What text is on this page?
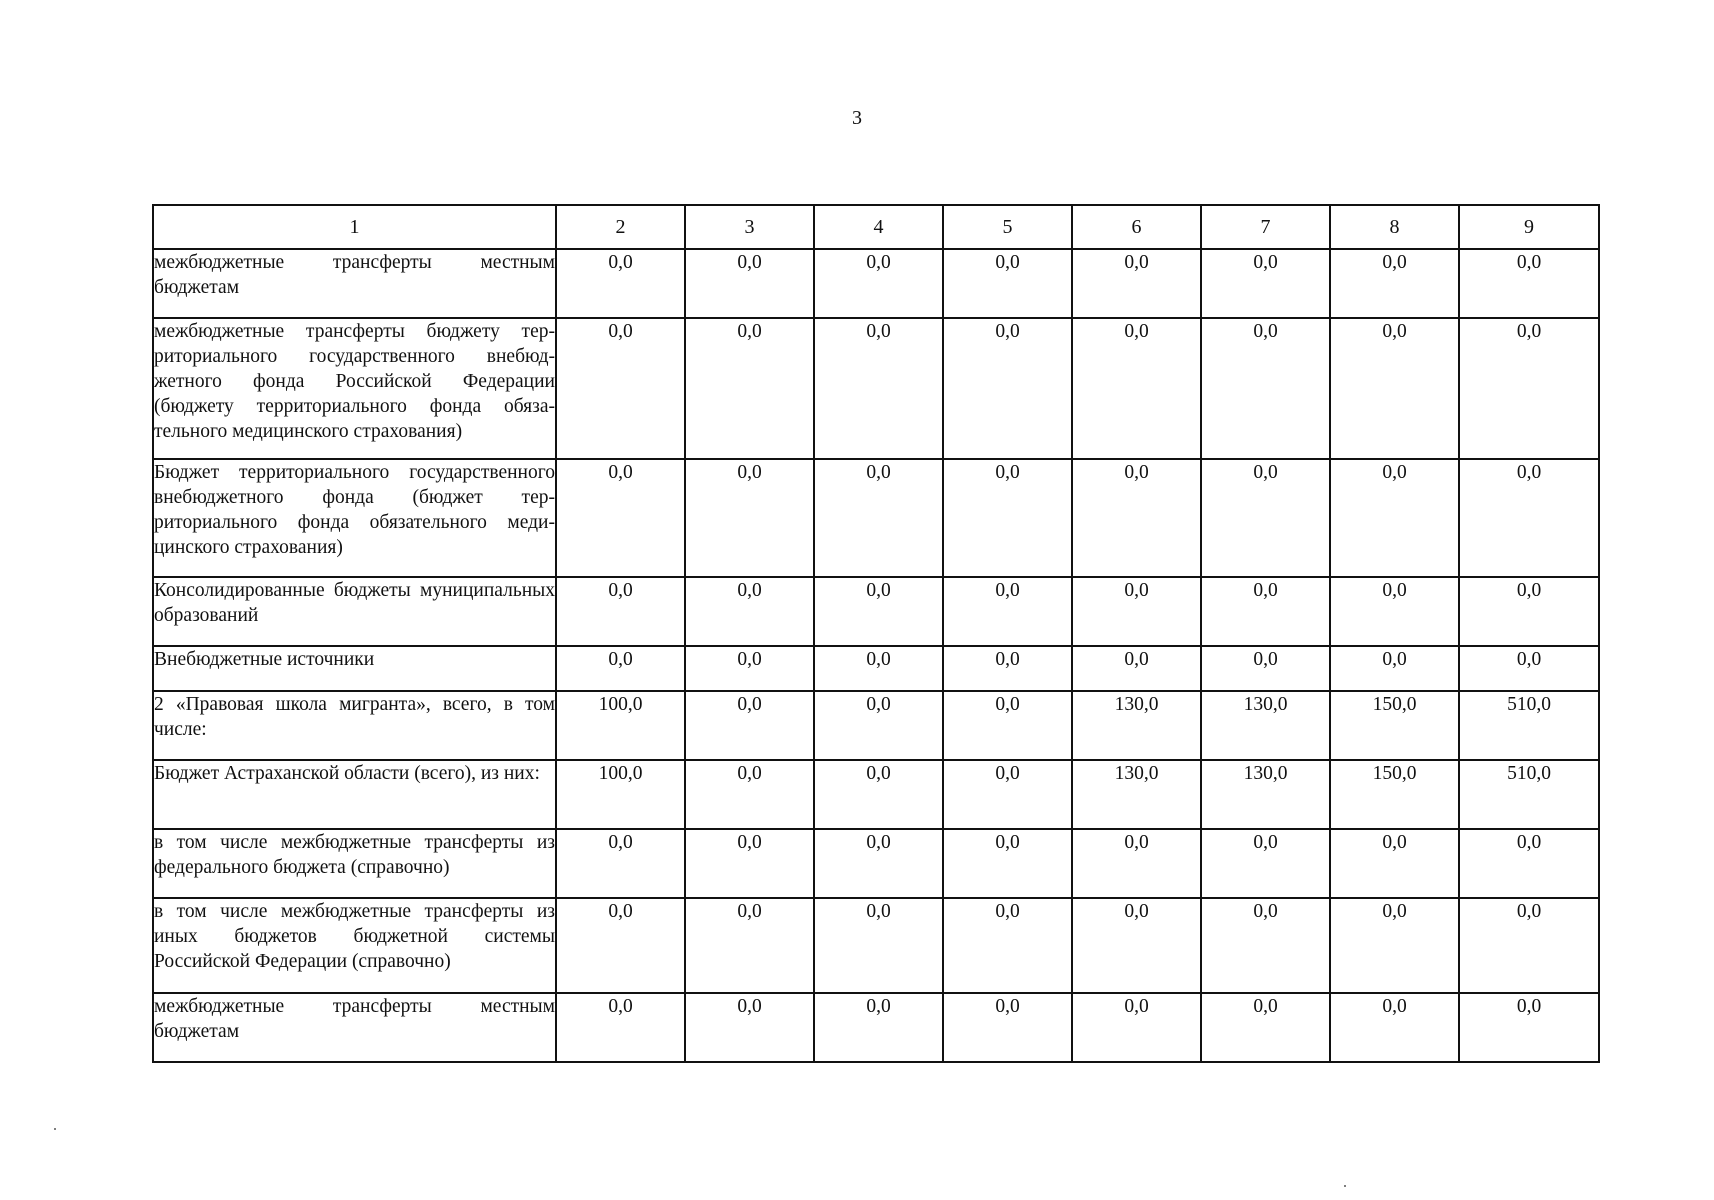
3
1	2	3	4	5	6	7	8	9
межбюджетные трансферты местным бюджетам	0,0	0,0	0,0	0,0	0,0	0,0	0,0	0,0
межбюджетные трансферты бюджету территориального государственного внебюджетного фонда Российской Федерации (бюджету территориального фонда обязательного медицинского страхования)	0,0	0,0	0,0	0,0	0,0	0,0	0,0	0,0
Бюджет территориального государственного внебюджетного фонда (бюджет территориального фонда обязательного медицинского страхования)	0,0	0,0	0,0	0,0	0,0	0,0	0,0	0,0
Консолидированные бюджеты муниципальных образований	0,0	0,0	0,0	0,0	0,0	0,0	0,0	0,0
Внебюджетные источники	0,0	0,0	0,0	0,0	0,0	0,0	0,0	0,0
2 «Правовая школа мигранта», всего, в том числе:	100,0	0,0	0,0	0,0	130,0	130,0	150,0	510,0
Бюджет Астраханской области (всего), из них:	100,0	0,0	0,0	0,0	130,0	130,0	150,0	510,0
в том числе межбюджетные трансферты из федерального бюджета (справочно)	0,0	0,0	0,0	0,0	0,0	0,0	0,0	0,0
в том числе межбюджетные трансферты из иных бюджетов бюджетной системы Российской Федерации (справочно)	0,0	0,0	0,0	0,0	0,0	0,0	0,0	0,0
межбюджетные трансферты местным бюджетам	0,0	0,0	0,0	0,0	0,0	0,0	0,0	0,0
